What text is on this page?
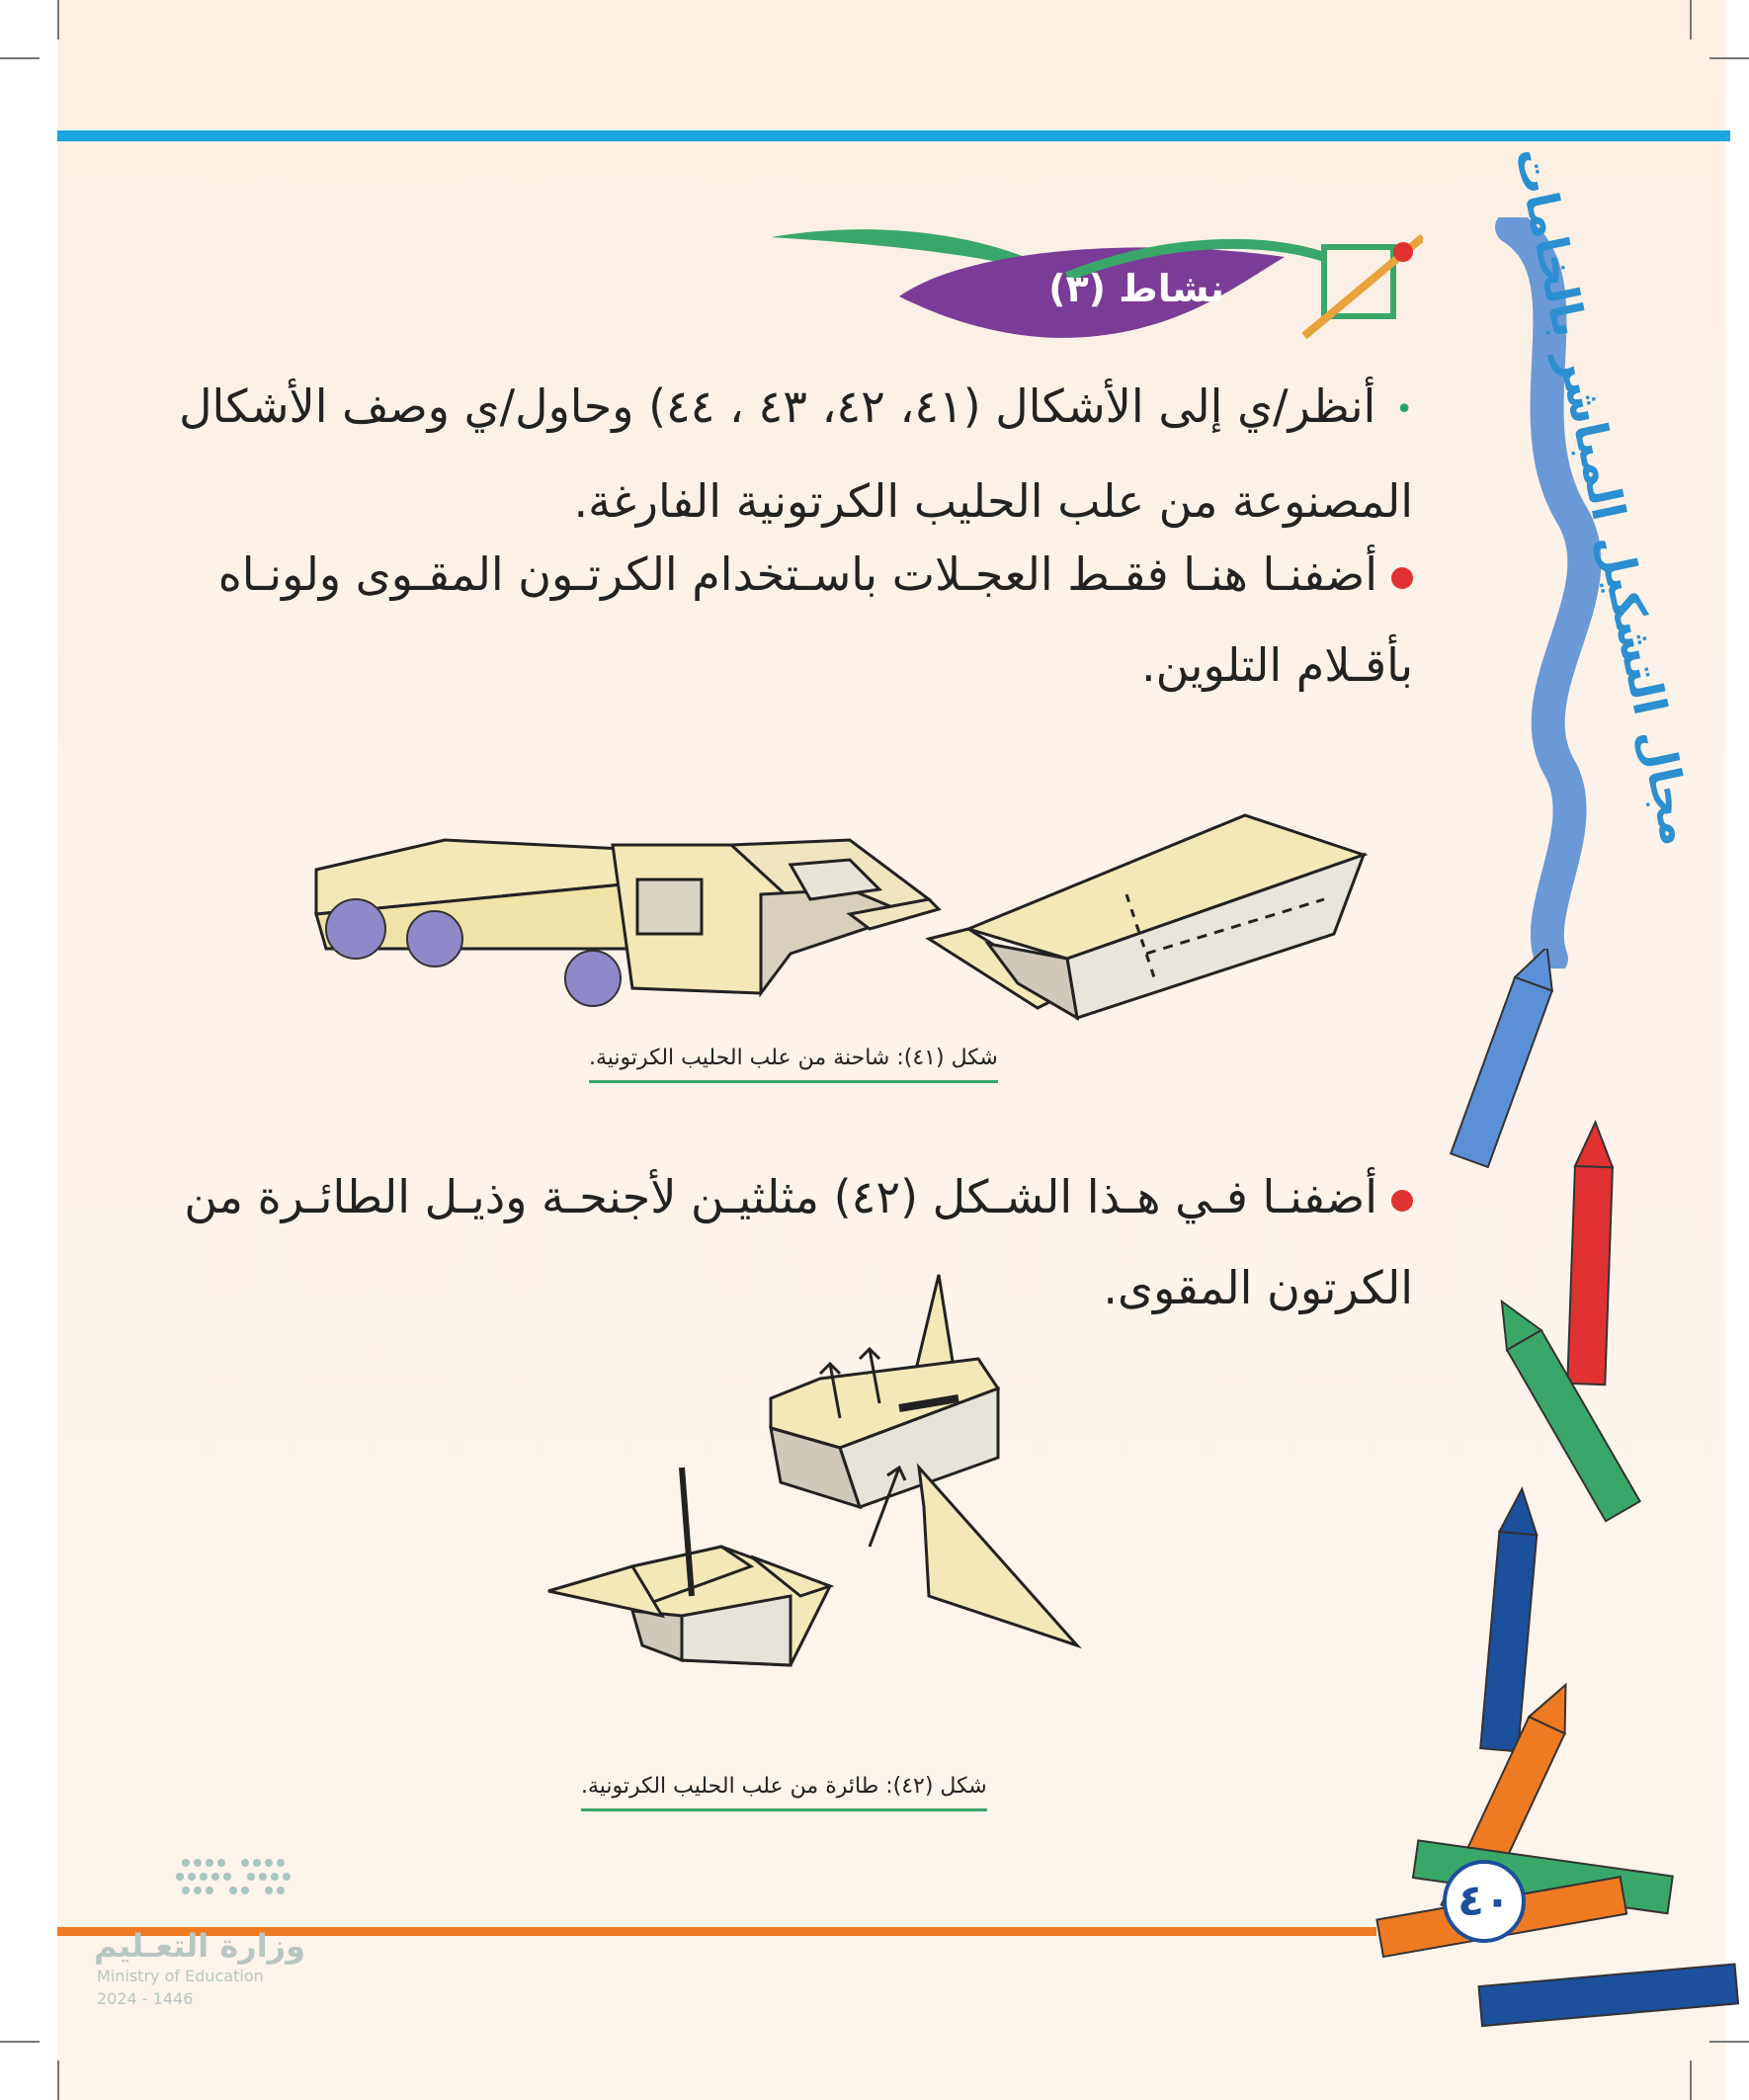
مجال التشكيل المباشر بالخامات
نشاط (٣)
•أنظر/ي إلى الأشكال (٤١، ٤٢، ٤٣ ، ٤٤) وحاول/ي وصف الأشكال
المصنوعة من علب الحليب الكرتونية الفارغة.
أضفنـا هنـا فقـط العجـلات باسـتخدام الكرتـون المقـوى ولونـاه
بأقـلام التلوين.
شكل (٤١): شاحنة من علب الحليب الكرتونية.
أضفنـا فـي هـذا الشـكل (٤٢) مثلثيـن لأجنحـة وذيـل الطائـرة من
الكرتون المقوى.
شكل (٤٢): طائرة من علب الحليب الكرتونية.
٤٠
وزارة التعـليم
Ministry of Education
2024 - 1446
